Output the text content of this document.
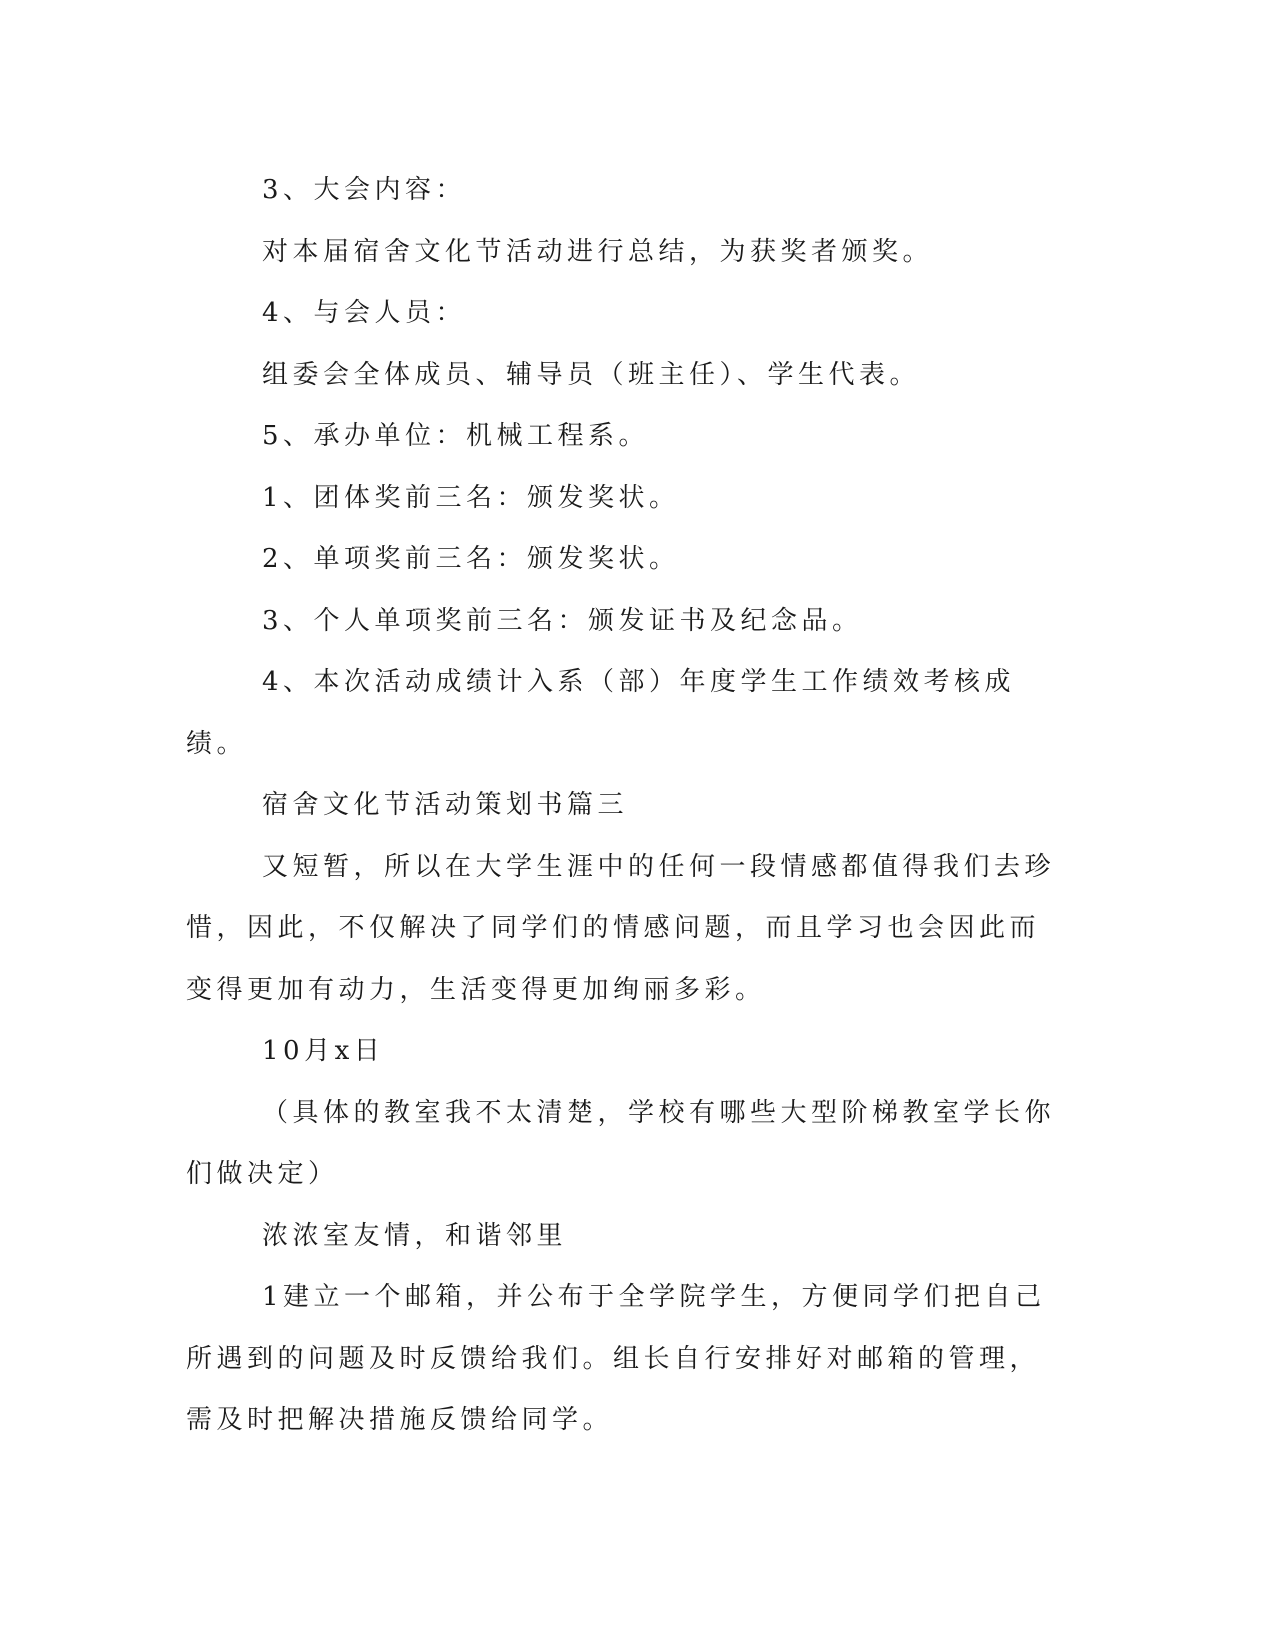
3、大会内容：

对本届宿舍文化节活动进行总结，为获奖者颁奖。

4、与会人员：

组委会全体成员、辅导员（班主任）、学生代表。

5、承办单位：机械工程系。

1、团体奖前三名：颁发奖状。

2、单项奖前三名：颁发奖状。

3、个人单项奖前三名：颁发证书及纪念品。

4、本次活动成绩计入系（部）年度学生工作绩效考核成绩。

宿舍文化节活动策划书篇三

又短暂，所以在大学生涯中的任何一段情感都值得我们去珍惜，因此，不仅解决了同学们的情感问题，而且学习也会因此而变得更加有动力，生活变得更加绚丽多彩。

10月x日

（具体的教室我不太清楚，学校有哪些大型阶梯教室学长你们做决定）

浓浓室友情，和谐邻里

1建立一个邮箱，并公布于全学院学生，方便同学们把自己所遇到的问题及时反馈给我们。组长自行安排好对邮箱的管理，需及时把解决措施反馈给同学。
